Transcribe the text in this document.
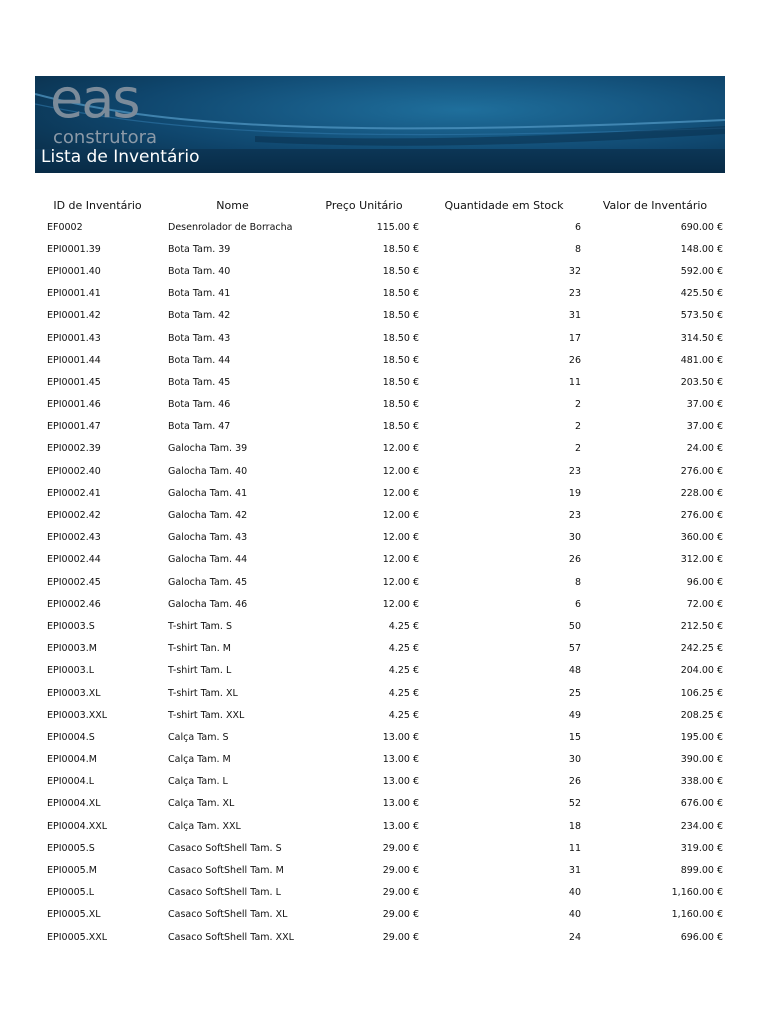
eas
construtora
Lista de Inventário
ID de Inventário	Nome	Preço Unitário	Quantidade em Stock	Valor de Inventário
EF0002	Desenrolador de Borracha	115.00 €	6	690.00 €
EPI0001.39	Bota Tam. 39	18.50 €	8	148.00 €
EPI0001.40	Bota Tam. 40	18.50 €	32	592.00 €
EPI0001.41	Bota Tam. 41	18.50 €	23	425.50 €
EPI0001.42	Bota Tam. 42	18.50 €	31	573.50 €
EPI0001.43	Bota Tam. 43	18.50 €	17	314.50 €
EPI0001.44	Bota Tam. 44	18.50 €	26	481.00 €
EPI0001.45	Bota Tam. 45	18.50 €	11	203.50 €
EPI0001.46	Bota Tam. 46	18.50 €	2	37.00 €
EPI0001.47	Bota Tam. 47	18.50 €	2	37.00 €
EPI0002.39	Galocha Tam. 39	12.00 €	2	24.00 €
EPI0002.40	Galocha Tam. 40	12.00 €	23	276.00 €
EPI0002.41	Galocha Tam. 41	12.00 €	19	228.00 €
EPI0002.42	Galocha Tam. 42	12.00 €	23	276.00 €
EPI0002.43	Galocha Tam. 43	12.00 €	30	360.00 €
EPI0002.44	Galocha Tam. 44	12.00 €	26	312.00 €
EPI0002.45	Galocha Tam. 45	12.00 €	8	96.00 €
EPI0002.46	Galocha Tam. 46	12.00 €	6	72.00 €
EPI0003.S	T-shirt Tam. S	4.25 €	50	212.50 €
EPI0003.M	T-shirt Tan. M	4.25 €	57	242.25 €
EPI0003.L	T-shirt Tam. L	4.25 €	48	204.00 €
EPI0003.XL	T-shirt Tam. XL	4.25 €	25	106.25 €
EPI0003.XXL	T-shirt Tam. XXL	4.25 €	49	208.25 €
EPI0004.S	Calça Tam. S	13.00 €	15	195.00 €
EPI0004.M	Calça Tam. M	13.00 €	30	390.00 €
EPI0004.L	Calça Tam. L	13.00 €	26	338.00 €
EPI0004.XL	Calça Tam. XL	13.00 €	52	676.00 €
EPI0004.XXL	Calça Tam. XXL	13.00 €	18	234.00 €
EPI0005.S	Casaco SoftShell Tam. S	29.00 €	11	319.00 €
EPI0005.M	Casaco SoftShell Tam. M	29.00 €	31	899.00 €
EPI0005.L	Casaco SoftShell Tam. L	29.00 €	40	1,160.00 €
EPI0005.XL	Casaco SoftShell Tam. XL	29.00 €	40	1,160.00 €
EPI0005.XXL	Casaco SoftShell Tam. XXL	29.00 €	24	696.00 €
